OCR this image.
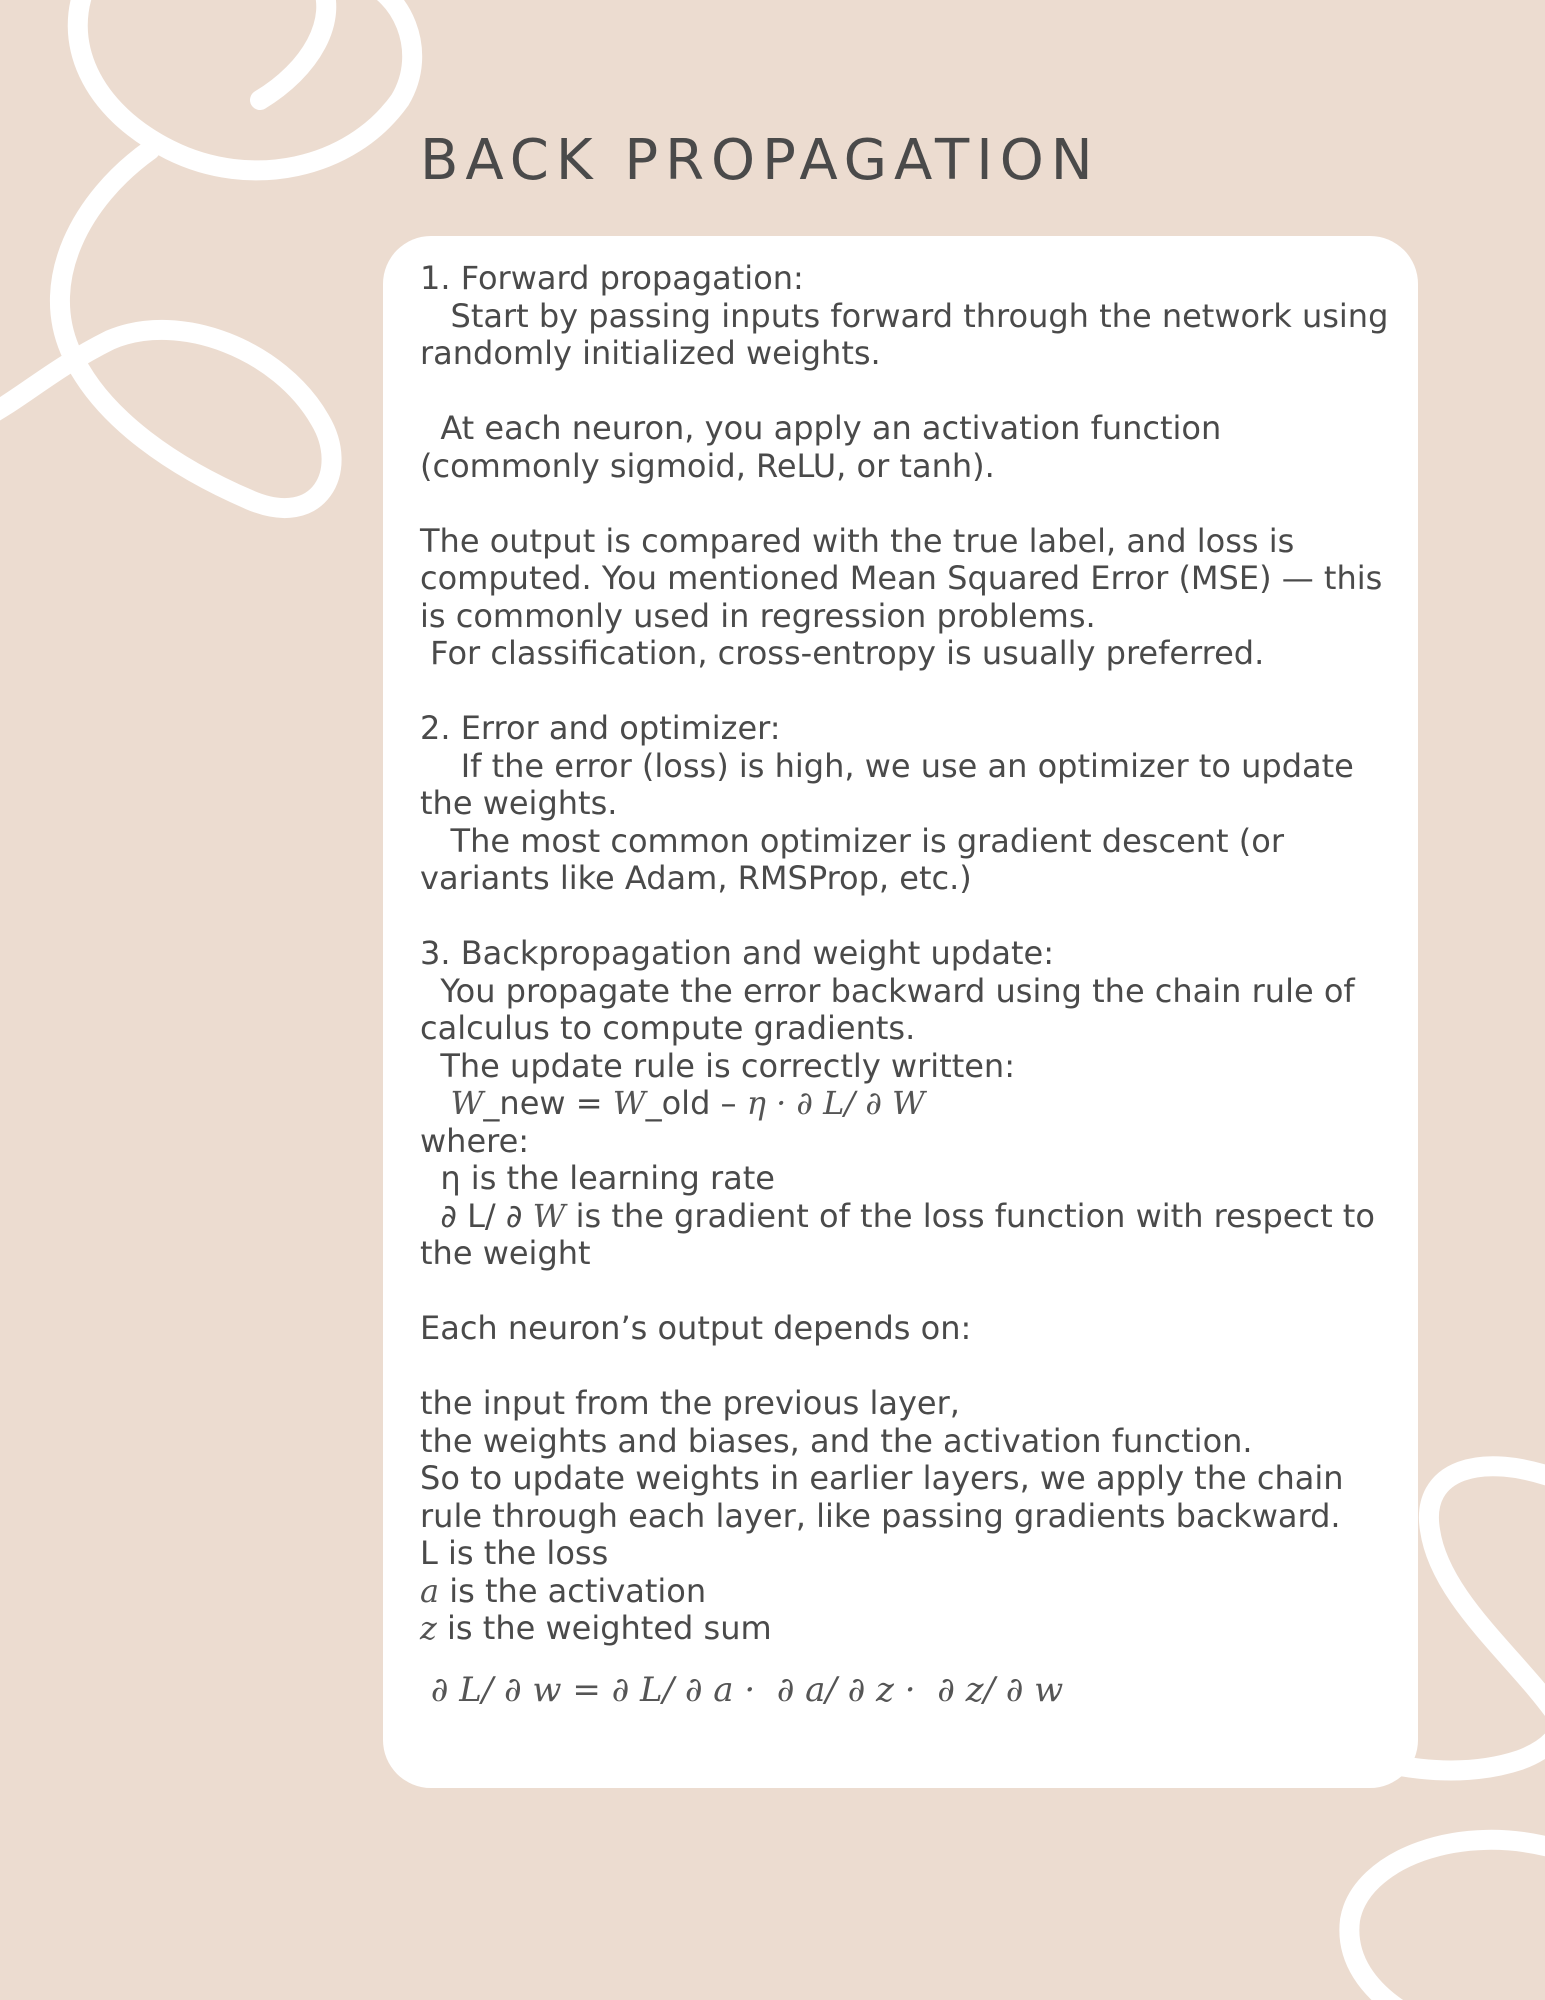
BACK PROPAGATION
1. Forward propagation:
Start by passing inputs forward through the network using
randomly initialized weights.
At each neuron, you apply an activation function
(commonly sigmoid, ReLU, or tanh).
The output is compared with the true label, and loss is
computed. You mentioned Mean Squared Error (MSE) — this
is commonly used in regression problems.
For classification, cross-entropy is usually preferred.
2. Error and optimizer:
If the error (loss) is high, we use an optimizer to update
the weights.
The most common optimizer is gradient descent (or
variants like Adam, RMSProp, etc.)
3. Backpropagation and weight update:
You propagate the error backward using the chain rule of
calculus to compute gradients.
The update rule is correctly written:
W_new = W_old – η · ∂ L/ ∂ W
where:
η is the learning rate
∂ L/ ∂ W is the gradient of the loss function with respect to
the weight
Each neuron’s output depends on:
the input from the previous layer,
the weights and biases, and the activation function.
So to update weights in earlier layers, we apply the chain
rule through each layer, like passing gradients backward.
L is the loss
a is the activation
z is the weighted sum
∂ L/ ∂ w = ∂ L/ ∂ a ·  ∂ a/ ∂ z ·  ∂ z/ ∂ w
